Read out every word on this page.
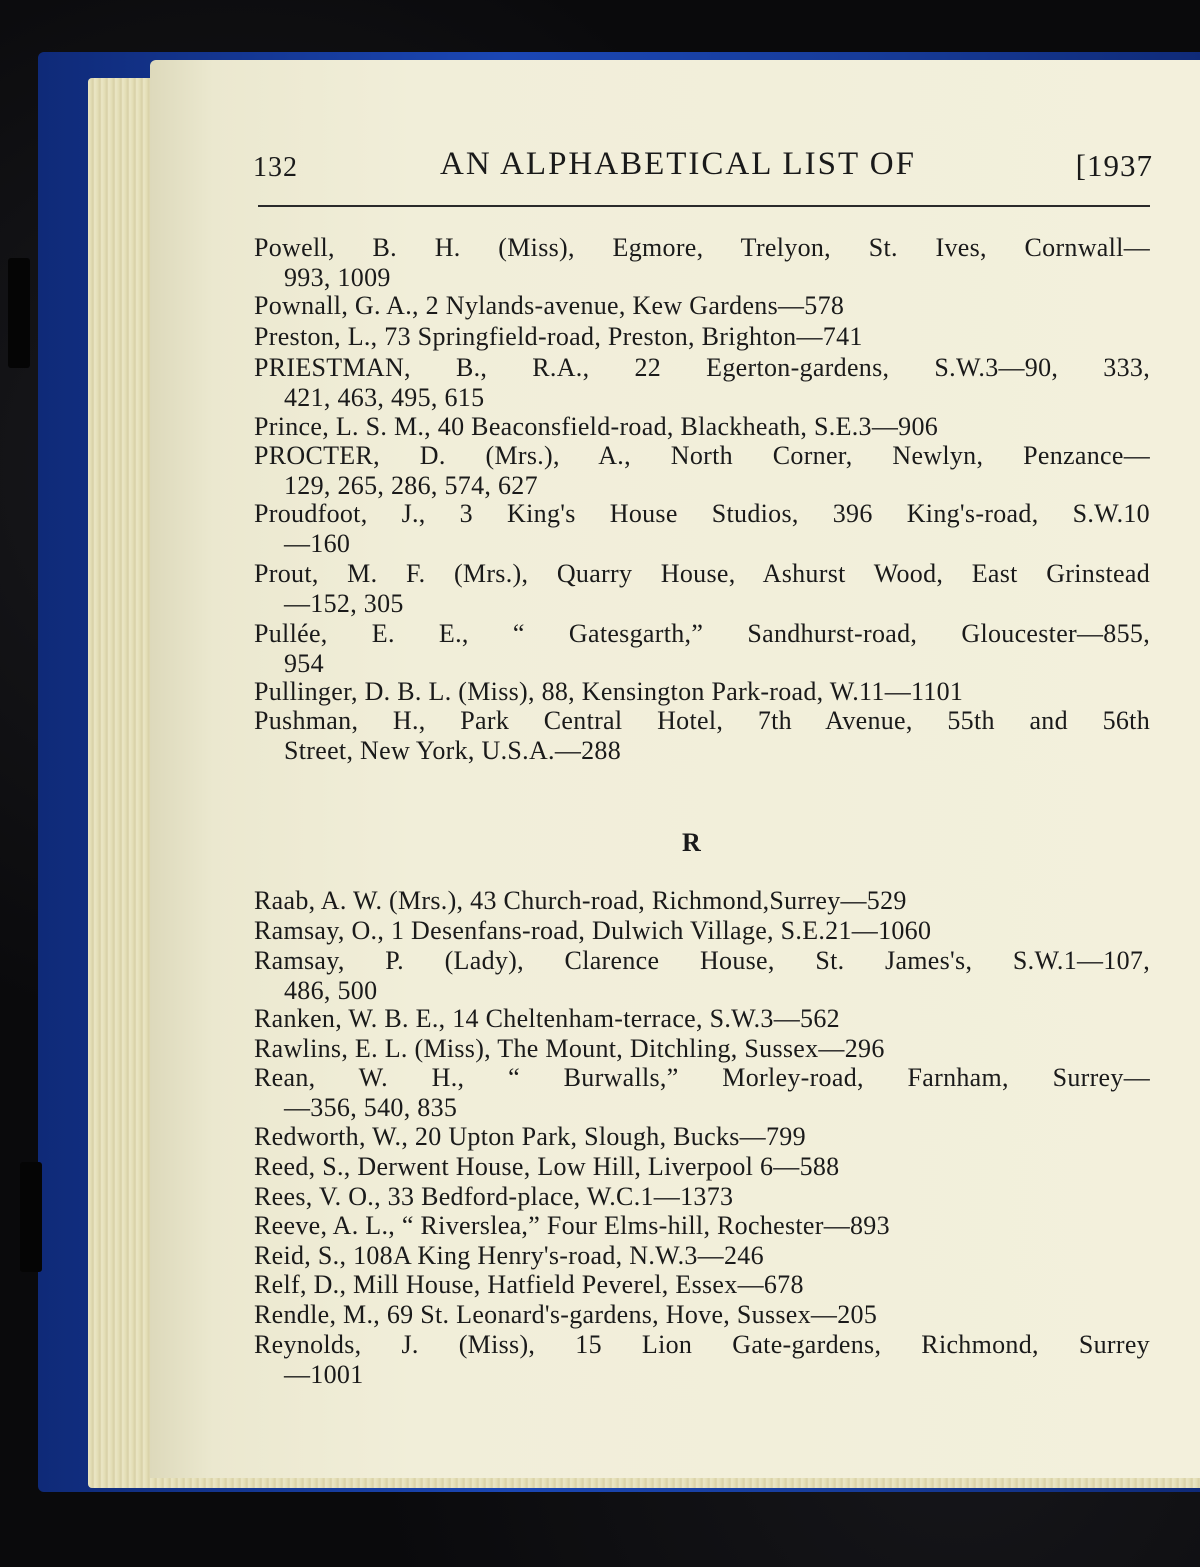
132	AN ALPHABETICAL LIST OF	[1937
Powell, B. H. (Miss), Egmore, Trelyon, St. Ives, Cornwall—
993, 1009
Pownall, G. A., 2 Nylands-avenue, Kew Gardens—578
Preston, L., 73 Springfield-road, Preston, Brighton—741
PRIESTMAN, B., R.A., 22 Egerton-gardens, S.W.3—90, 333,
421, 463, 495, 615
Prince, L. S. M., 40 Beaconsfield-road, Blackheath, S.E.3—906
PROCTER, D. (Mrs.), A., North Corner, Newlyn, Penzance—
129, 265, 286, 574, 627
Proudfoot, J., 3 King's House Studios, 396 King's-road, S.W.10
—160
Prout, M. F. (Mrs.), Quarry House, Ashurst Wood, East Grinstead
—152, 305
Pullée, E. E., “ Gatesgarth,” Sandhurst-road, Gloucester—855,
954
Pullinger, D. B. L. (Miss), 88, Kensington Park-road, W.11—1101
Pushman, H., Park Central Hotel, 7th Avenue, 55th and 56th
Street, New York, U.S.A.—288
R
Raab, A. W. (Mrs.), 43 Church-road, Richmond,Surrey—529
Ramsay, O., 1 Desenfans-road, Dulwich Village, S.E.21—1060
Ramsay, P. (Lady), Clarence House, St. James's, S.W.1—107,
486, 500
Ranken, W. B. E., 14 Cheltenham-terrace, S.W.3—562
Rawlins, E. L. (Miss), The Mount, Ditchling, Sussex—296
Rean, W. H., “ Burwalls,” Morley-road, Farnham, Surrey—
—356, 540, 835
Redworth, W., 20 Upton Park, Slough, Bucks—799
Reed, S., Derwent House, Low Hill, Liverpool 6—588
Rees, V. O., 33 Bedford-place, W.C.1—1373
Reeve, A. L., “ Riverslea,” Four Elms-hill, Rochester—893
Reid, S., 108A King Henry's-road, N.W.3—246
Relf, D., Mill House, Hatfield Peverel, Essex—678
Rendle, M., 69 St. Leonard's-gardens, Hove, Sussex—205
Reynolds, J. (Miss), 15 Lion Gate-gardens, Richmond, Surrey
—1001
